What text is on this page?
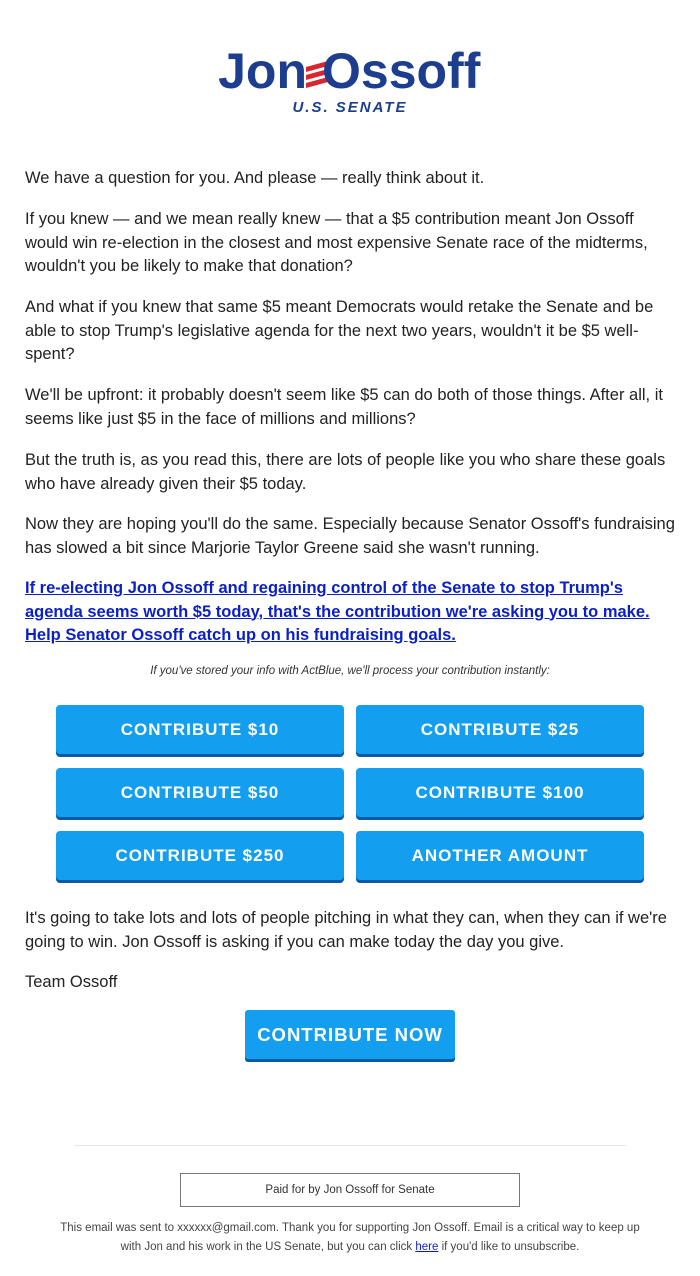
Jon Ossoff
U.S. SENATE

We have a question for you. And please — really think about it.

If you knew — and we mean really knew — that a $5 contribution meant Jon Ossoff would win re-election in the closest and most expensive Senate race of the midterms, wouldn't you be likely to make that donation?

And what if you knew that same $5 meant Democrats would retake the Senate and be able to stop Trump's legislative agenda for the next two years, wouldn't it be $5 well-spent?

We'll be upfront: it probably doesn't seem like $5 can do both of those things. After all, it seems like just $5 in the face of millions and millions?

But the truth is, as you read this, there are lots of people like you who share these goals who have already given their $5 today.

Now they are hoping you'll do the same. Especially because Senator Ossoff's fundraising has slowed a bit since Marjorie Taylor Greene said she wasn't running.

If re-electing Jon Ossoff and regaining control of the Senate to stop Trump's agenda seems worth $5 today, that's the contribution we're asking you to make. Help Senator Ossoff catch up on his fundraising goals.
If you've stored your info with ActBlue, we'll process your contribution instantly:
CONTRIBUTE $10	CONTRIBUTE $25
CONTRIBUTE $50	CONTRIBUTE $100
CONTRIBUTE $250	ANOTHER AMOUNT

It's going to take lots and lots of people pitching in what they can, when they can if we're going to win. Jon Ossoff is asking if you can make today the day you give.

Team Ossoff

CONTRIBUTE NOW
Paid for by Jon Ossoff for Senate
This email was sent to xxxxxx@gmail.com. Thank you for supporting Jon Ossoff. Email is a critical way to keep up with Jon and his work in the US Senate, but you can click here if you'd like to unsubscribe.
